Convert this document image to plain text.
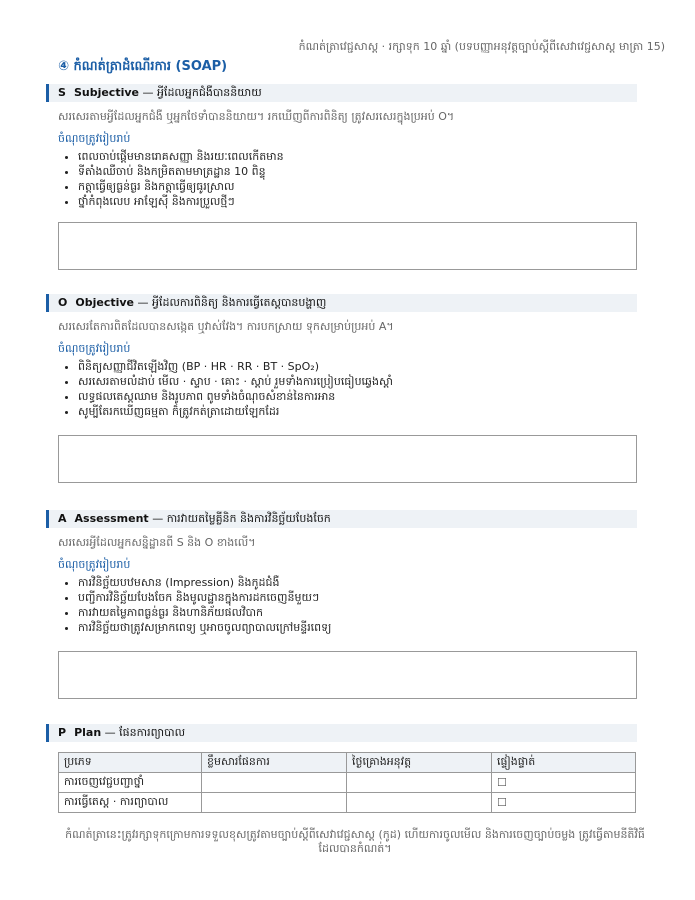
កំណត់ត្រាវេជ្ជសាស្ត · រក្សាទុក 10 ឆ្នាំ (បទបញ្ញាអនុវត្តច្បាប់ស្តីពីសេវាវេជ្ជសាស្ត មាត្រា 15)
④ កំណត់ត្រាដំណើរការ (SOAP)
S Subjective — អ្វីដែលអ្នកជំងឺបាននិយាយ
សរសេរតាមអ្វីដែលអ្នកជំងឺ ឬអ្នកថែទាំបាននិយាយ។ រកឃើញពីការពិនិត្យ ត្រូវសរសេរក្នុងប្រអប់ O។
ចំណុចត្រូវរៀបរាប់
• ពេលចាប់ផ្តើមមានរោគសញ្ញា និងរយៈពេលកើតមាន
• ទីតាំងឈឺចាប់ និងកម្រិតតាមមាត្រដ្ឋាន 10 ពិន្ទុ
• កត្តាធ្វើឲ្យធ្ងន់ធ្ងរ និងកត្តាធ្វើឲ្យធូរស្រាល
• ថ្នាំកំពុងលេប អាឡែស៊ី និងការប្រួលថ្មីៗ
O Objective — អ្វីដែលការពិនិត្យ និងការធ្វើតេស្តបានបង្ហាញ
សរសេរតែការពិតដែលបានសង្កេត ឬវាស់វែង។ ការបកស្រាយ ទុកសម្រាប់ប្រអប់ A។
ចំណុចត្រូវរៀបរាប់
• ពិនិត្យសញ្ញាជីវិតឡើងវិញ (BP · HR · RR · BT · SpO₂)
• សរសេរតាមលំដាប់ មើល · ស្ទាប · គោះ · ស្តាប់ រួមទាំងការប្រៀបធៀបឆ្វេងស្តាំ
• លទ្ធផលតេស្តឈាម និងរូបភាព ពូមទាំងចំណុចសំខាន់នៃការអាន
• សូម្បីតែរកឃើញធម្មតា ក៏ត្រូវកត់ត្រាដោយឡែកដែរ
A Assessment — ការវាយតម្លៃគ្លីនិក និងការវិនិច្ឆ័យបែងចែក
សរសេរអ្វីដែលអ្នកសន្និដ្ឋានពី S និង O ខាងលើ។
ចំណុចត្រូវរៀបរាប់
• ការវិនិច្ឆ័យបឋមសាន (Impression) និងកូដជំងឺ
• បញ្ជីការវិនិច្ឆ័យបែងចែក និងមូលដ្ឋានក្នុងការដកចេញនីមួយៗ
• ការវាយតម្លៃភាពធ្ងន់ធ្ងរ និងហានិភ័យផលវិបាក
• ការវិនិច្ឆ័យថាត្រូវសម្រាកពេទ្យ ឬអាចចូលព្យាបាលក្រៅមន្ទីរពេទ្យ
P Plan — ផែនការព្យាបាល
ប្រភេទ	ខ្លឹមសារផែនការ	ថ្ងៃគ្រោងអនុវត្ត	ផ្ទៀងផ្ទាត់
ការចេញវេជ្ជបញ្ជាថ្នាំ			☐
ការធ្វើតេស្ត · ការព្យាបាល			☐
កំណត់ត្រានេះត្រូវរក្សាទុកក្រោមការទទួលខុសត្រូវតាមច្បាប់ស្តីពីសេវាវេជ្ជសាស្ត (កូដ) ហើយការចូលមើល និងការចេញច្បាប់ចម្លង ត្រូវធ្វើតាមនីតិវិធីដែលបានកំណត់។
